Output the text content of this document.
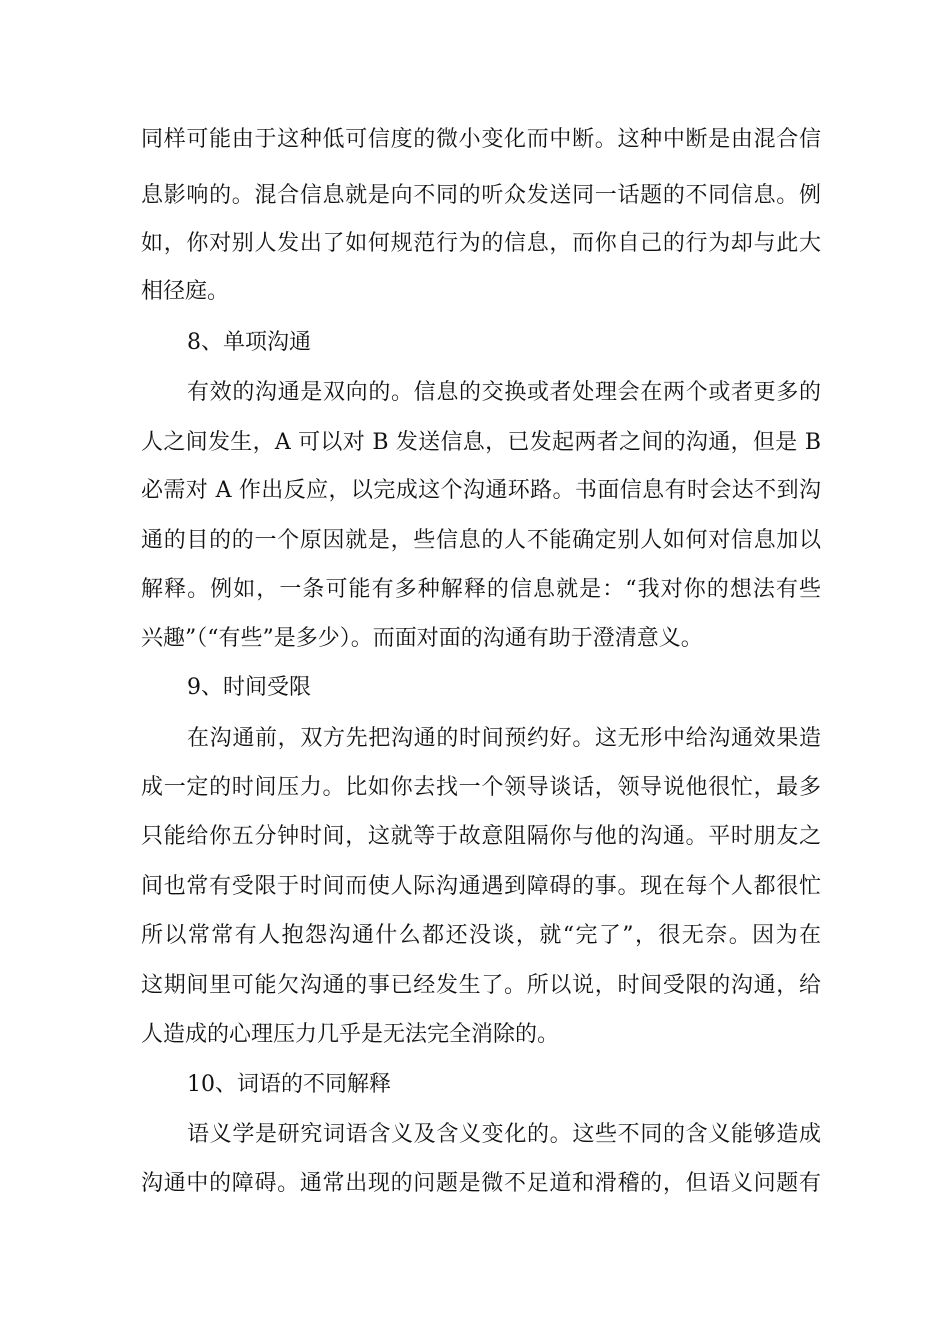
同样可能由于这种低可信度的微小变化而中断。这种中断是由混合信
息影响的。混合信息就是向不同的听众发送同一话题的不同信息。例
如，你对别人发出了如何规范行为的信息，而你自己的行为却与此大
相径庭。
8、单项沟通
有效的沟通是双向的。信息的交换或者处理会在两个或者更多的
人之间发生，A 可以对 B 发送信息，已发起两者之间的沟通，但是 B
必需对 A 作出反应，以完成这个沟通环路。书面信息有时会达不到沟
通的目的的一个原因就是，些信息的人不能确定别人如何对信息加以
解释。例如，一条可能有多种解释的信息就是：“我对你的想法有些
兴趣”（“有些”是多少）。而面对面的沟通有助于澄清意义。
9、时间受限
在沟通前，双方先把沟通的时间预约好。这无形中给沟通效果造
成一定的时间压力。比如你去找一个领导谈话，领导说他很忙，最多
只能给你五分钟时间，这就等于故意阻隔你与他的沟通。平时朋友之
间也常有受限于时间而使人际沟通遇到障碍的事。现在每个人都很忙
所以常常有人抱怨沟通什么都还没谈，就“完了”，很无奈。因为在
这期间里可能欠沟通的事已经发生了。所以说，时间受限的沟通，给
人造成的心理压力几乎是无法完全消除的。
10、词语的不同解释
语义学是研究词语含义及含义变化的。这些不同的含义能够造成
沟通中的障碍。通常出现的问题是微不足道和滑稽的，但语义问题有
